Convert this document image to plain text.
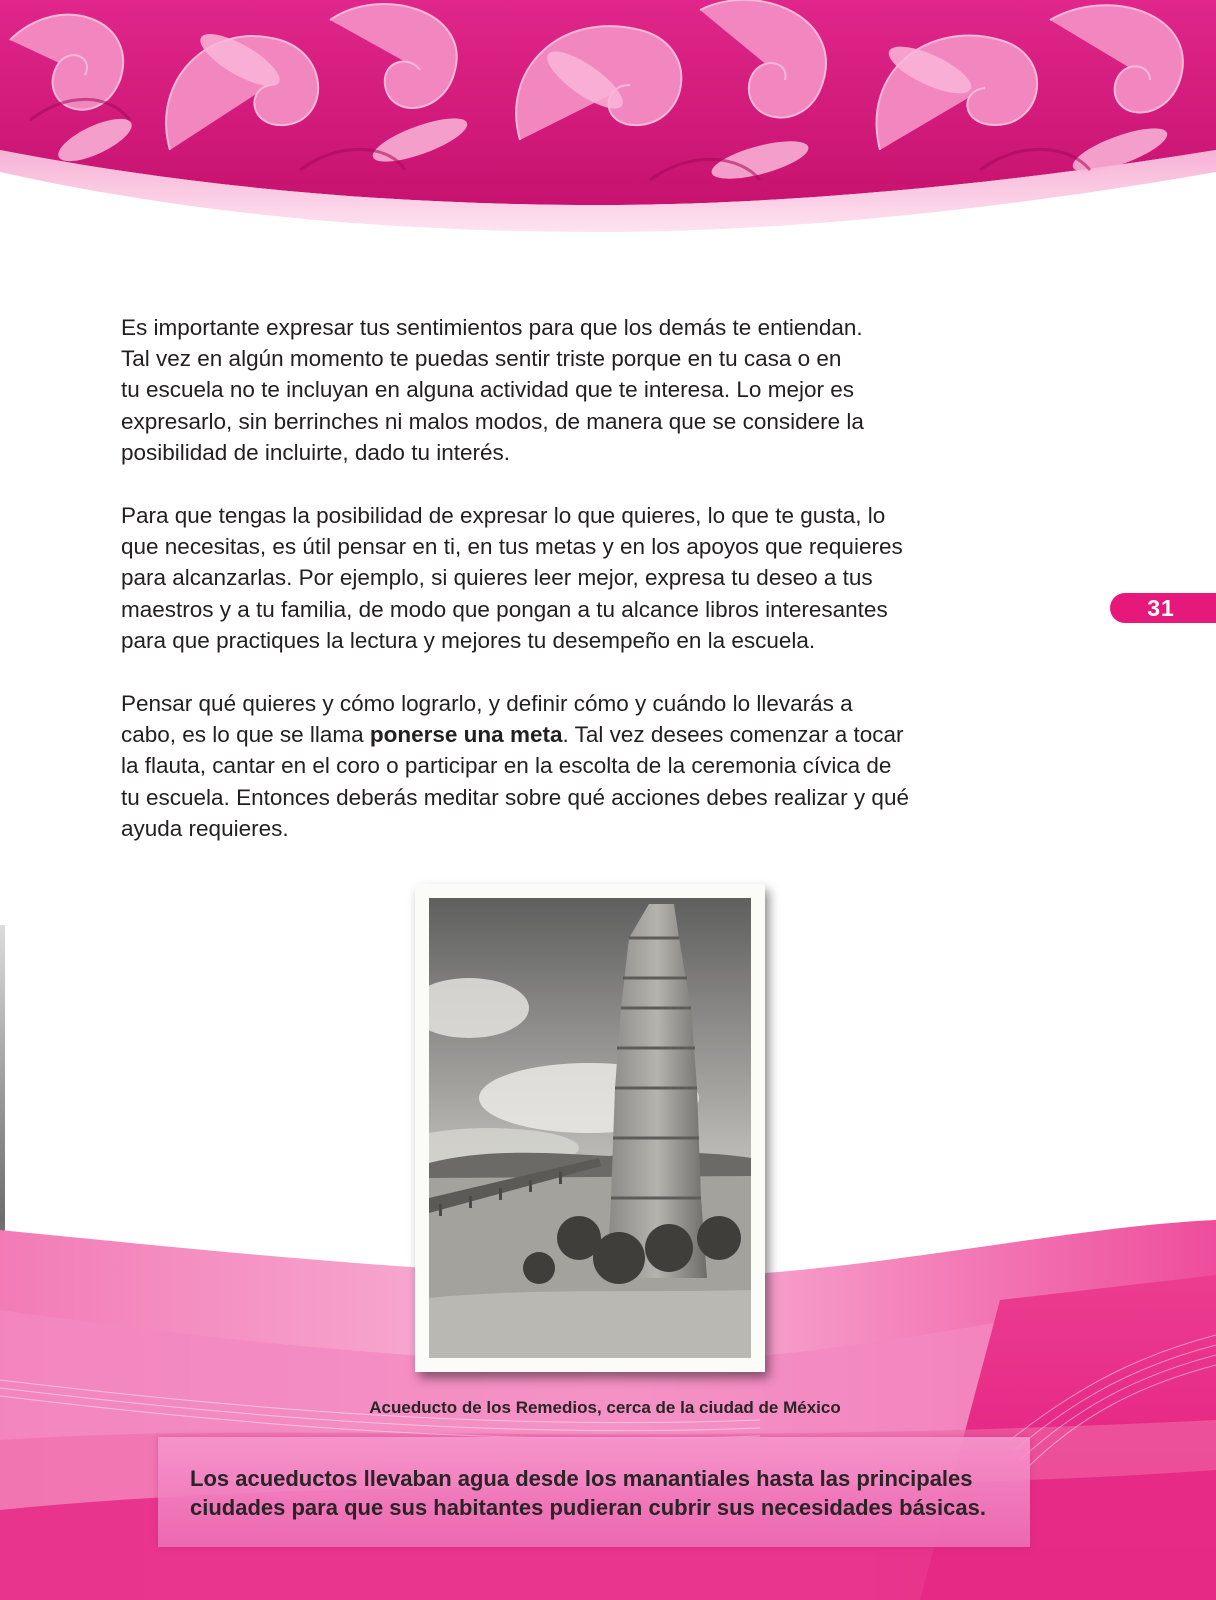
Es importante expresar tus sentimientos para que los demás te entiendan.
Tal vez en algún momento te puedas sentir triste porque en tu casa o en
tu escuela no te incluyan en alguna actividad que te interesa. Lo mejor es
expresarlo, sin berrinches ni malos modos, de manera que se considere la
posibilidad de incluirte, dado tu interés.

Para que tengas la posibilidad de expresar lo que quieres, lo que te gusta, lo
que necesitas, es útil pensar en ti, en tus metas y en los apoyos que requieres
para alcanzarlas. Por ejemplo, si quieres leer mejor, expresa tu deseo a tus
maestros y a tu familia, de modo que pongan a tu alcance libros interesantes
para que practiques la lectura y mejores tu desempeño en la escuela.

Pensar qué quieres y cómo lograrlo, y definir cómo y cuándo lo llevarás a
cabo, es lo que se llama ponerse una meta. Tal vez desees comenzar a tocar
la flauta, cantar en el coro o participar en la escolta de la ceremonia cívica de
tu escuela. Entonces deberás meditar sobre qué acciones debes realizar y qué
ayuda requieres.

31
Acueducto de los Remedios, cerca de la ciudad de México
Los acueductos llevaban agua desde los manantiales hasta las principales
ciudades para que sus habitantes pudieran cubrir sus necesidades básicas.
